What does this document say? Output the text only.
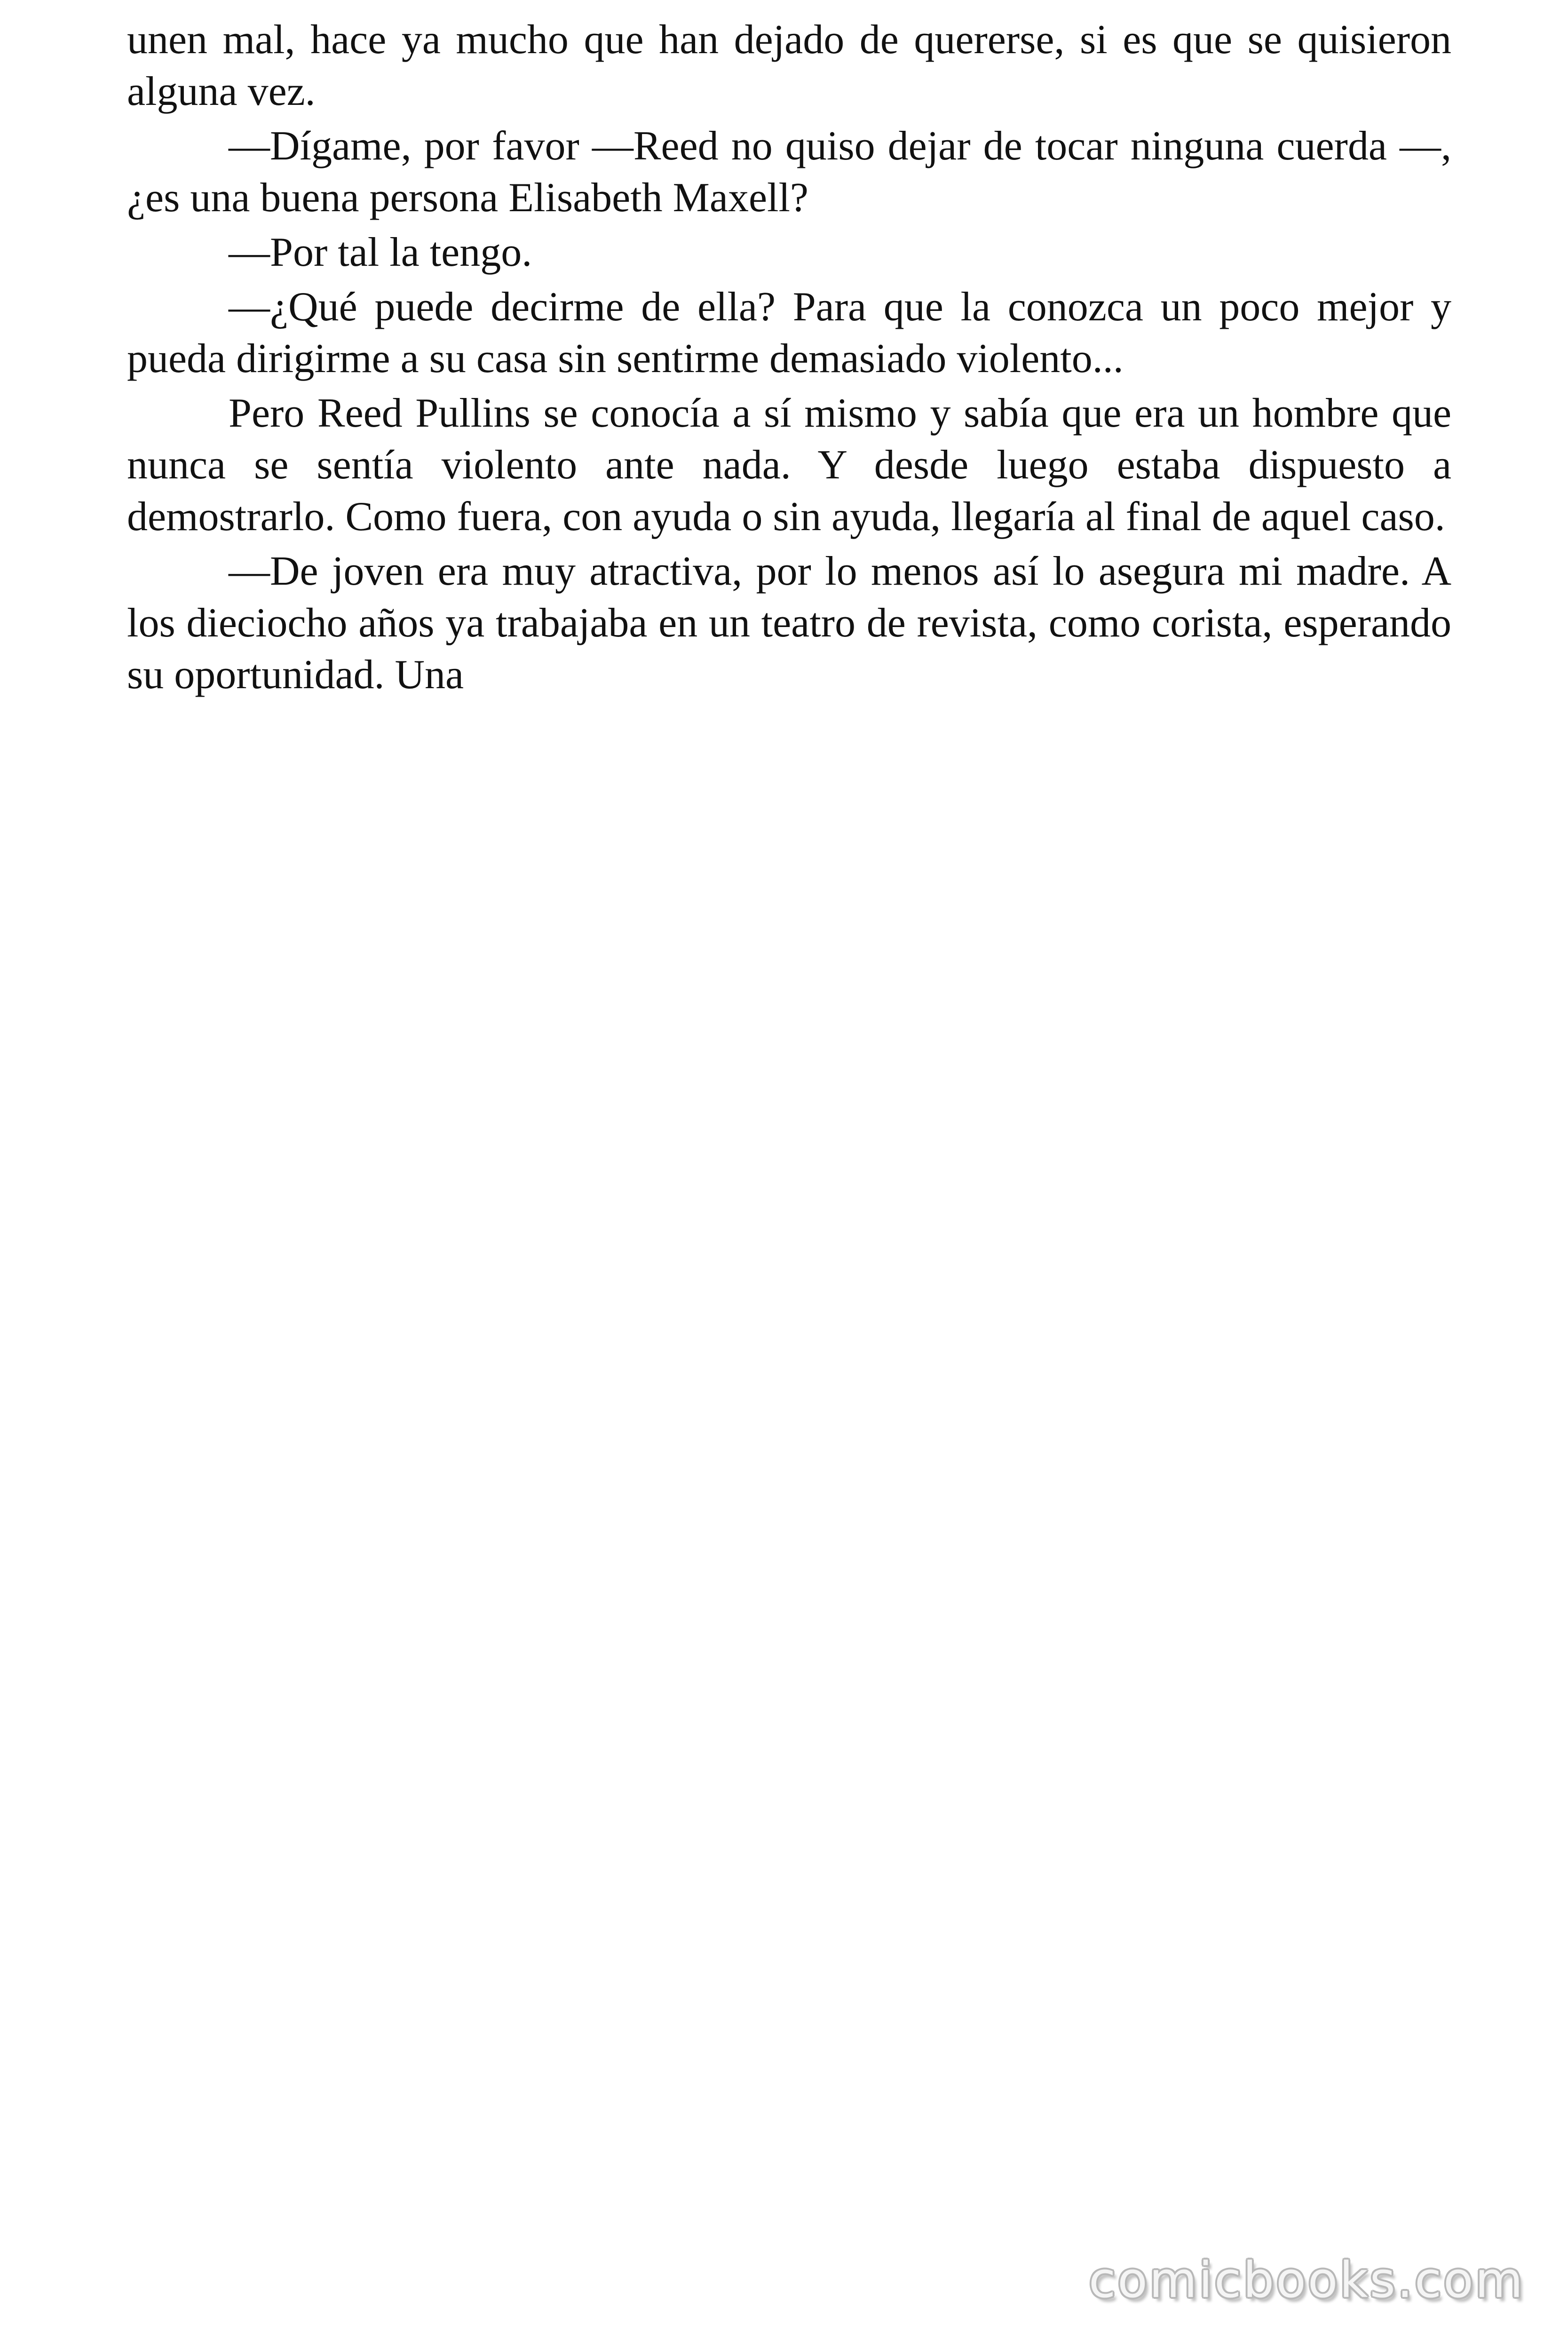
unen mal, hace ya mucho que han dejado de quererse, si es que se quisieron alguna vez.

—Dígame, por favor —Reed no quiso dejar de tocar ninguna cuerda —, ¿es una buena persona Elisabeth Maxell?

—Por tal la tengo.

—¿Qué puede decirme de ella? Para que la conozca un poco mejor y pueda dirigirme a su casa sin sentirme demasiado violento...

Pero Reed Pullins se conocía a sí mismo y sabía que era un hombre que nunca se sentía violento ante nada. Y desde luego estaba dispuesto a demostrarlo. Como fuera, con ayuda o sin ayuda, llegaría al final de aquel caso.

—De joven era muy atractiva, por lo menos así lo asegura mi madre. A los dieciocho años ya trabajaba en un teatro de revista, como corista, esperando su oportunidad. Una

comicbooks.com
